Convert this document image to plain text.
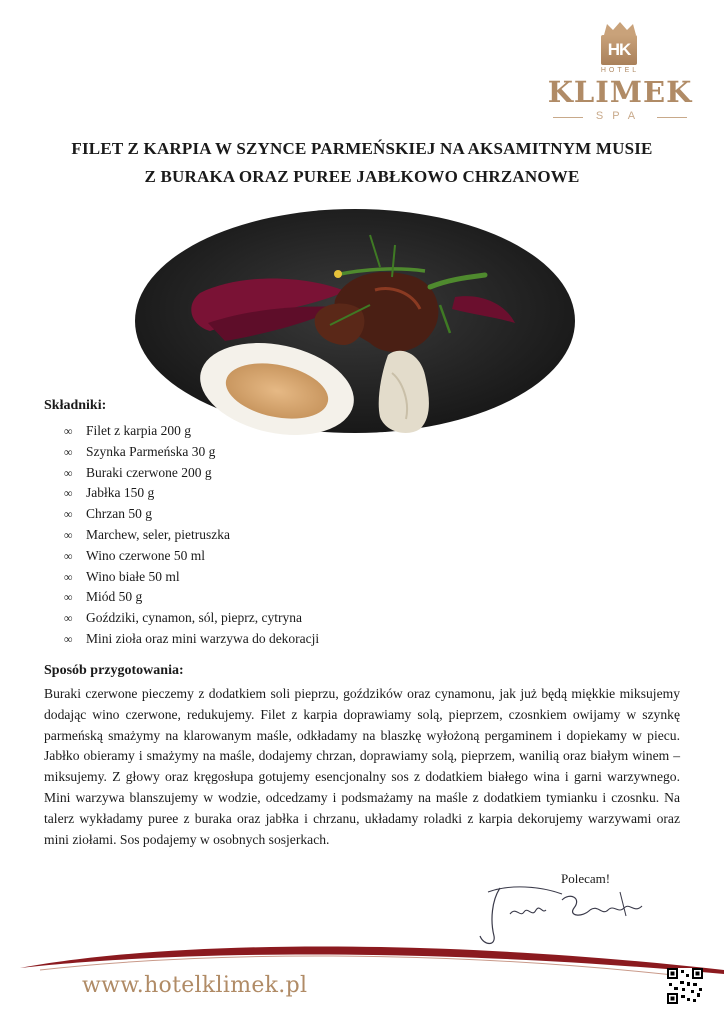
HK
HOTEL
KLIMEK
SPA
FILET Z KARPIA W SZYNCE PARMEŃSKIEJ NA AKSAMITNYM MUSIE
Z BURAKA ORAZ PUREE JABŁKOWO CHRZANOWE
Składniki:
∞ Filet z karpia 200 g
∞ Szynka Parmeńska 30 g
∞ Buraki czerwone 200 g
∞ Jabłka 150 g
∞ Chrzan 50 g
∞ Marchew, seler, pietruszka
∞ Wino czerwone 50 ml
∞ Wino białe 50 ml
∞ Miód 50 g
∞ Goździki, cynamon, sól, pieprz, cytryna
∞ Mini zioła oraz mini warzywa do dekoracji
Sposób przygotowania:

Buraki czerwone pieczemy z dodatkiem soli pieprzu, goździków oraz cynamonu, jak już będą miękkie miksujemy dodając wino czerwone, redukujemy. Filet z karpia doprawiamy solą, pieprzem, czosnkiem owijamy w szynkę parmeńską smażymy na klarowanym maśle, odkładamy na blaszkę wyłożoną pergaminem i dopiekamy w piecu. Jabłko obieramy i smażymy na maśle, dodajemy chrzan, doprawiamy solą, pieprzem, wanilią oraz białym winem – miksujemy. Z głowy oraz kręgosłupa gotujemy esencjonalny sos z dodatkiem białego wina i garni warzywnego. Mini warzywa blanszujemy w wodzie, odcedzamy i podsmażamy na maśle z dodatkiem tymianku i czosnku. Na talerz wykładamy puree z buraka oraz jabłka i chrzanu, układamy roladki z karpia dekorujemy warzywami oraz mini ziołami. Sos podajemy w osobnych sosjerkach.

Polecam!
www.hotelklimek.pl
